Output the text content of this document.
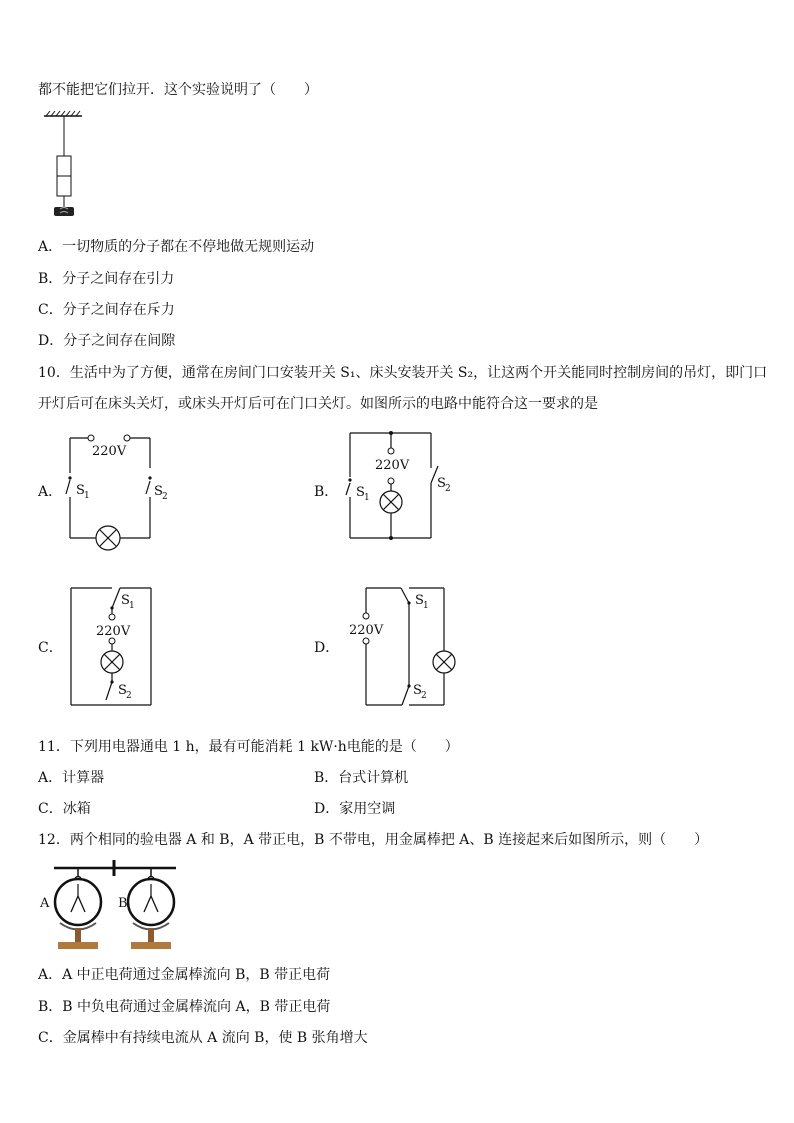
都不能把它们拉开．这个实验说明了（　　）
A．一切物质的分子都在不停地做无规则运动
B．分子之间存在引力
C．分子之间存在斥力
D．分子之间存在间隙
10．生活中为了方便，通常在房间门口安装开关 S₁、床头安装开关 S₂，让这两个开关能同时控制房间的吊灯，即门口
开灯后可在床头关灯，或床头开灯后可在门口关灯。如图所示的电路中能符合这一要求的是
A．	B．
C．	D．
220V
S 1	S 2
220V
S 1
S 2
220V
S 1
S 2
220V
S 1
S 2
11．下列用电器通电 1 h，最有可能消耗 1 kW·h电能的是（　　）
A．计算器	B．台式计算机
C．冰箱	D．家用空调
12．两个相同的验电器 A 和 B，A 带正电，B 不带电，用金属棒把 A、B 连接起来后如图所示，则（　　）
A	B
A．A 中正电荷通过金属棒流向 B，B 带正电荷
B．B 中负电荷通过金属棒流向 A，B 带正电荷
C．金属棒中有持续电流从 A 流向 B，使 B 张角增大
